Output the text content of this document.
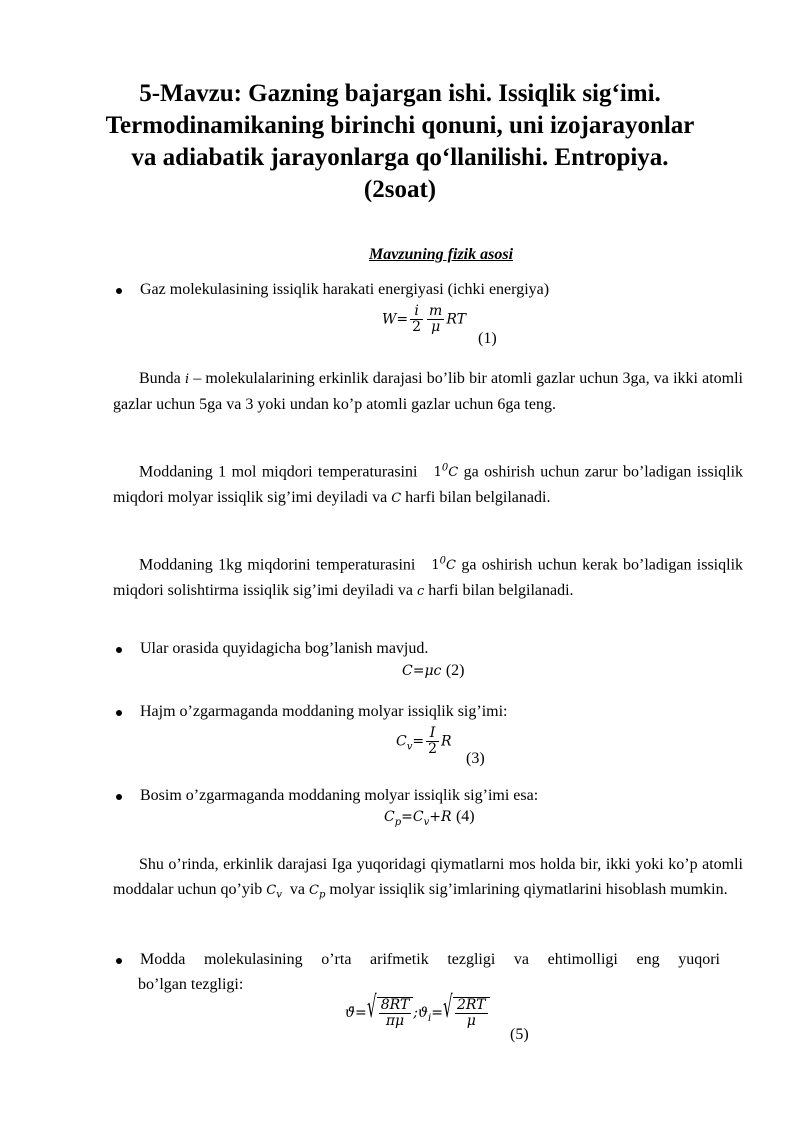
5-Mavzu: Gazning bajargan ishi. Issiqlik sig‘imi.
Termodinamikaning birinchi qonuni, uni izojarayonlar
va adiabatik jarayonlarga qo‘llanilishi. Entropiya.
(2soat)
Mavzuning fizik asosi
Gaz molekulasining issiqlik harakati energiyasi (ichki energiya)
$W= \frac{i}{2} \frac{m}{\mu}$ RT
(1)
Bunda i – molekulalarining erkinlik darajasi bo’lib bir atomli gazlar uchun 3ga, va ikki atomli gazlar uchun 5ga va 3 yoki undan ko’p atomli gazlar uchun 6ga teng.
Moddaning 1 mol miqdori temperaturasini $1^0C$ ga oshirish uchun zarur bo’ladigan issiqlik miqdori molyar issiqlik sig’imi deyiladi va C harfi bilan belgilanadi.
Moddaning 1kg miqdorini temperaturasini $1^0C$ ga oshirish uchun kerak bo’ladigan issiqlik miqdori solishtirma issiqlik sig’imi deyiladi va c harfi bilan belgilanadi.
Ular orasida quyidagicha bog’lanish mavjud.
C=μc (2)
Hajm o’zgarmaganda moddaning molyar issiqlik sig’imi:
$C_v= \frac{I}{2}$ R
(3)
Bosim o’zgarmaganda moddaning molyar issiqlik sig’imi esa:
$C_p=C_v+R$ (4)
Shu o’rinda, erkinlik darajasi Iga yuqoridagi qiymatlarni mos holda bir, ikki yoki ko’p atomli moddalar uchun qo’yib $C_v$ va $C_p$ molyar issiqlik sig’imlarining qiymatlarini hisoblash mumkin.
Modda molekulasining o’rta arifmetik tezgligi va ehtimolligi eng yuqori
bo’lgan tezgligi:
ϑ̄= √ $\frac{8RT}{\pi\mu}$ $;ϑ_i=$ √ $\frac{2RT}{\mu}$
(5)
